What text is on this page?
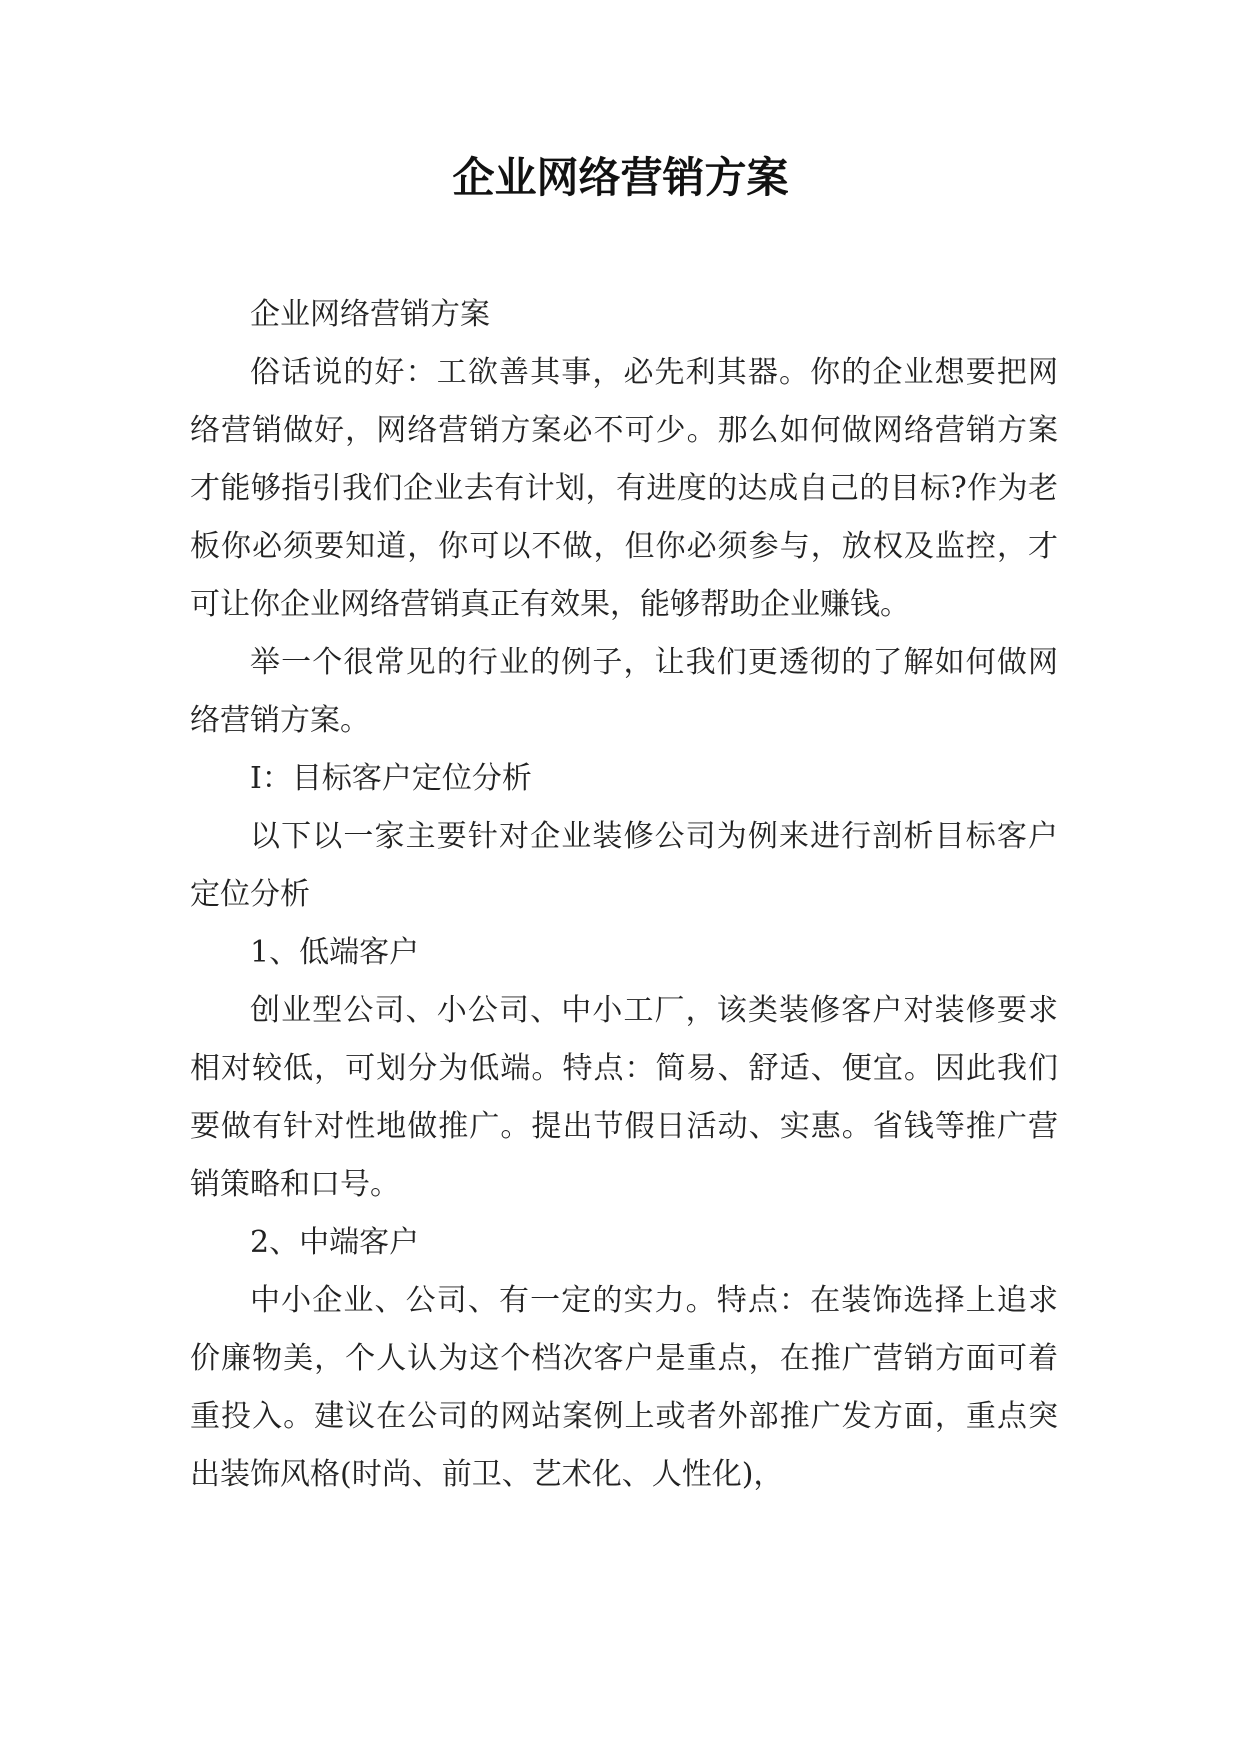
企业网络营销方案

企业网络营销方案

俗话说的好：工欲善其事，必先利其器。你的企业想要把网络营销做好，网络营销方案必不可少。那么如何做网络营销方案才能够指引我们企业去有计划，有进度的达成自己的目标?作为老板你必须要知道，你可以不做，但你必须参与，放权及监控，才可让你企业网络营销真正有效果，能够帮助企业赚钱。

举一个很常见的行业的例子，让我们更透彻的了解如何做网络营销方案。

Ⅰ：目标客户定位分析

以下以一家主要针对企业装修公司为例来进行剖析目标客户定位分析

1、低端客户

创业型公司、小公司、中小工厂，该类装修客户对装修要求相对较低，可划分为低端。特点：简易、舒适、便宜。因此我们要做有针对性地做推广。提出节假日活动、实惠。省钱等推广营销策略和口号。

2、中端客户

中小企业、公司、有一定的实力。特点：在装饰选择上追求价廉物美，个人认为这个档次客户是重点，在推广营销方面可着重投入。建议在公司的网站案例上或者外部推广发方面，重点突出装饰风格(时尚、前卫、艺术化、人性化)，
